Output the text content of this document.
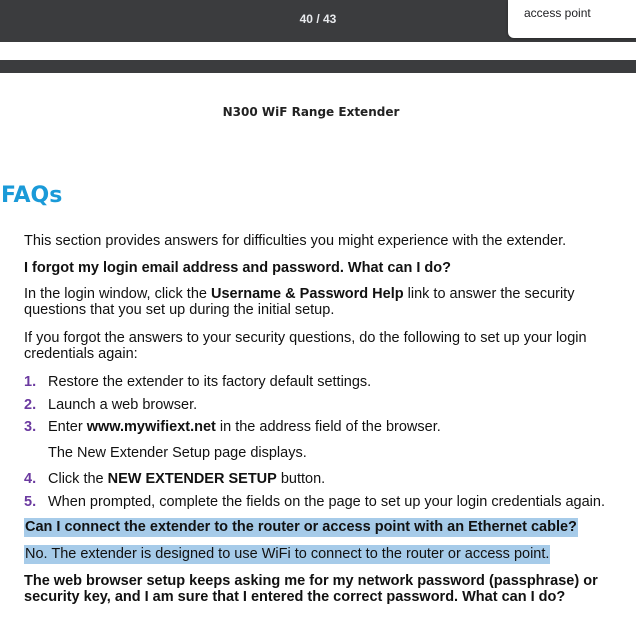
40 / 43
access point
N300 WiF Range Extender
FAQs

This section provides answers for difficulties you might experience with the extender.

I forgot my login email address and password. What can I do?

In the login window, click the Username & Password Help link to answer the security questions that you set up during the initial setup.

If you forgot the answers to your security questions, do the following to set up your login credentials again:

1. Restore the extender to its factory default settings.

2. Launch a web browser.

3. Enter www.mywifiext.net in the address field of the browser.

The New Extender Setup page displays.

4. Click the NEW EXTENDER SETUP button.

5. When prompted, complete the fields on the page to set up your login credentials again.

Can I connect the extender to the router or access point with an Ethernet cable?

No. The extender is designed to use WiFi to connect to the router or access point.

The web browser setup keeps asking me for my network password (passphrase) or security key, and I am sure that I entered the correct password. What can I do?
